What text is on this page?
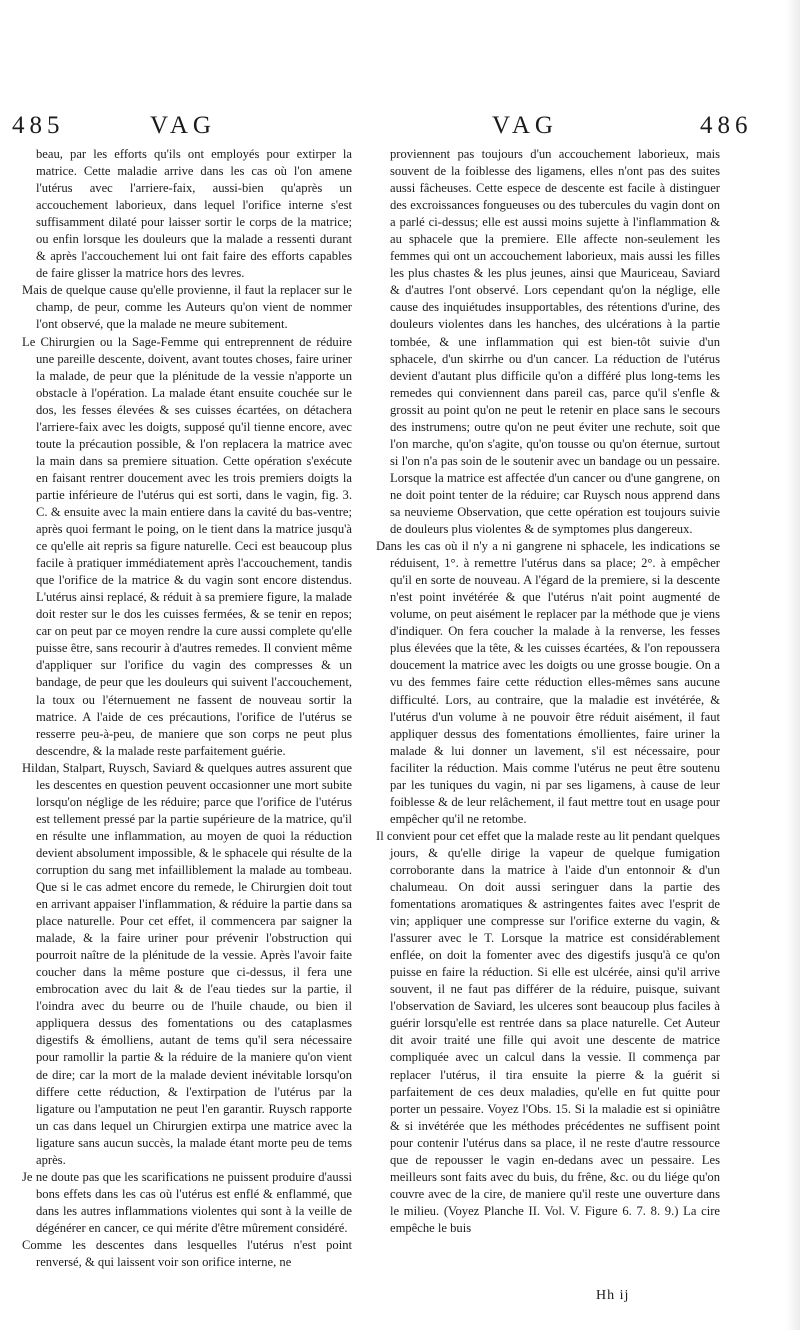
485	VAG	VAG	486

beau, par les efforts qu'ils ont employés pour extirper la matrice. Cette maladie arrive dans les cas où l'on amene l'utérus avec l'arriere-faix, aussi-bien qu'après un accouchement laborieux, dans lequel l'orifice interne s'est suffisamment dilaté pour laisser sortir le corps de la matrice; ou enfin lorsque les douleurs que la malade a ressenti durant & après l'accouchement lui ont fait faire des efforts capables de faire glisser la matrice hors des levres.

Mais de quelque cause qu'elle provienne, il faut la replacer sur le champ, de peur, comme les Auteurs qu'on vient de nommer l'ont observé, que la malade ne meure subitement.

Le Chirurgien ou la Sage-Femme qui entreprennent de réduire une pareille descente, doivent, avant toutes choses, faire uriner la malade, de peur que la plénitude de la vessie n'apporte un obstacle à l'opération. La malade étant ensuite couchée sur le dos, les fesses élevées & ses cuisses écartées, on détachera l'arriere-faix avec les doigts, supposé qu'il tienne encore, avec toute la précaution possible, & l'on replacera la matrice avec la main dans sa premiere situation. Cette opération s'exécute en faisant rentrer doucement avec les trois premiers doigts la partie inférieure de l'utérus qui est sorti, dans le vagin, fig. 3. C. & ensuite avec la main entiere dans la cavité du bas-ventre; après quoi fermant le poing, on le tient dans la matrice jusqu'à ce qu'elle ait repris sa figure naturelle. Ceci est beaucoup plus facile à pratiquer immédiatement après l'accouchement, tandis que l'orifice de la matrice & du vagin sont encore distendus. L'utérus ainsi replacé, & réduit à sa premiere figure, la malade doit rester sur le dos les cuisses fermées, & se tenir en repos; car on peut par ce moyen rendre la cure aussi complete qu'elle puisse être, sans recourir à d'autres remedes. Il convient même d'appliquer sur l'orifice du vagin des compresses & un bandage, de peur que les douleurs qui suivent l'accouchement, la toux ou l'éternuement ne fassent de nouveau sortir la matrice. A l'aide de ces précautions, l'orifice de l'utérus se resserre peu-à-peu, de maniere que son corps ne peut plus descendre, & la malade reste parfaitement guérie.

Hildan, Stalpart, Ruysch, Saviard & quelques autres assurent que les descentes en question peuvent occasionner une mort subite lorsqu'on néglige de les réduire; parce que l'orifice de l'utérus est tellement pressé par la partie supérieure de la matrice, qu'il en résulte une inflammation, au moyen de quoi la réduction devient absolument impossible, & le sphacele qui résulte de la corruption du sang met infailliblement la malade au tombeau. Que si le cas admet encore du remede, le Chirurgien doit tout en arrivant appaiser l'inflammation, & réduire la partie dans sa place naturelle. Pour cet effet, il commencera par saigner la malade, & la faire uriner pour prévenir l'obstruction qui pourroit naître de la plénitude de la vessie. Après l'avoir faite coucher dans la même posture que ci-dessus, il fera une embrocation avec du lait & de l'eau tiedes sur la partie, il l'oindra avec du beurre ou de l'huile chaude, ou bien il appliquera dessus des fomentations ou des cataplasmes digestifs & émolliens, autant de tems qu'il sera nécessaire pour ramollir la partie & la réduire de la maniere qu'on vient de dire; car la mort de la malade devient inévitable lorsqu'on differe cette réduction, & l'extirpation de l'utérus par la ligature ou l'amputation ne peut l'en garantir. Ruysch rapporte un cas dans lequel un Chirurgien extirpa une matrice avec la ligature sans aucun succès, la malade étant morte peu de tems après.

Je ne doute pas que les scarifications ne puissent produire d'aussi bons effets dans les cas où l'utérus est enflé & enflammé, que dans les autres inflammations violentes qui sont à la veille de dégénérer en cancer, ce qui mérite d'être mûrement considéré.

Comme les descentes dans lesquelles l'utérus n'est point renversé, & qui laissent voir son orifice interne, ne

proviennent pas toujours d'un accouchement laborieux, mais souvent de la foiblesse des ligamens, elles n'ont pas des suites aussi fâcheuses. Cette espece de descente est facile à distinguer des excroissances fongueuses ou des tubercules du vagin dont on a parlé ci-dessus; elle est aussi moins sujette à l'inflammation & au sphacele que la premiere. Elle affecte non-seulement les femmes qui ont un accouchement laborieux, mais aussi les filles les plus chastes & les plus jeunes, ainsi que Mauriceau, Saviard & d'autres l'ont observé. Lors cependant qu'on la néglige, elle cause des inquiétudes insupportables, des rétentions d'urine, des douleurs violentes dans les hanches, des ulcérations à la partie tombée, & une inflammation qui est bien-tôt suivie d'un sphacele, d'un skirrhe ou d'un cancer. La réduction de l'utérus devient d'autant plus difficile qu'on a différé plus long-tems les remedes qui conviennent dans pareil cas, parce qu'il s'enfle & grossit au point qu'on ne peut le retenir en place sans le secours des instrumens; outre qu'on ne peut éviter une rechute, soit que l'on marche, qu'on s'agite, qu'on tousse ou qu'on éternue, surtout si l'on n'a pas soin de le soutenir avec un bandage ou un pessaire. Lorsque la matrice est affectée d'un cancer ou d'une gangrene, on ne doit point tenter de la réduire; car Ruysch nous apprend dans sa neuvieme Observation, que cette opération est toujours suivie de douleurs plus violentes & de symptomes plus dangereux.

Dans les cas où il n'y a ni gangrene ni sphacele, les indications se réduisent, 1°. à remettre l'utérus dans sa place; 2°. à empêcher qu'il en sorte de nouveau. A l'égard de la premiere, si la descente n'est point invétérée & que l'utérus n'ait point augmenté de volume, on peut aisément le replacer par la méthode que je viens d'indiquer. On fera coucher la malade à la renverse, les fesses plus élevées que la tête, & les cuisses écartées, & l'on repoussera doucement la matrice avec les doigts ou une grosse bougie. On a vu des femmes faire cette réduction elles-mêmes sans aucune difficulté. Lors, au contraire, que la maladie est invétérée, & l'utérus d'un volume à ne pouvoir être réduit aisément, il faut appliquer dessus des fomentations émollientes, faire uriner la malade & lui donner un lavement, s'il est nécessaire, pour faciliter la réduction. Mais comme l'utérus ne peut être soutenu par les tuniques du vagin, ni par ses ligamens, à cause de leur foiblesse & de leur relâchement, il faut mettre tout en usage pour empêcher qu'il ne retombe.

Il convient pour cet effet que la malade reste au lit pendant quelques jours, & qu'elle dirige la vapeur de quelque fumigation corroborante dans la matrice à l'aide d'un entonnoir & d'un chalumeau. On doit aussi seringuer dans la partie des fomentations aromatiques & astringentes faites avec l'esprit de vin; appliquer une compresse sur l'orifice externe du vagin, & l'assurer avec le T. Lorsque la matrice est considérablement enflée, on doit la fomenter avec des digestifs jusqu'à ce qu'on puisse en faire la réduction. Si elle est ulcérée, ainsi qu'il arrive souvent, il ne faut pas différer de la réduire, puisque, suivant l'observation de Saviard, les ulceres sont beaucoup plus faciles à guérir lorsqu'elle est rentrée dans sa place naturelle. Cet Auteur dit avoir traité une fille qui avoit une descente de matrice compliquée avec un calcul dans la vessie. Il commença par replacer l'utérus, il tira ensuite la pierre & la guérit si parfaitement de ces deux maladies, qu'elle en fut quitte pour porter un pessaire. Voyez l'Obs. 15. Si la maladie est si opiniâtre & si invétérée que les méthodes précédentes ne suffisent point pour contenir l'utérus dans sa place, il ne reste d'autre ressource que de repousser le vagin en-dedans avec un pessaire. Les meilleurs sont faits avec du buis, du frêne, &c. ou du liége qu'on couvre avec de la cire, de maniere qu'il reste une ouverture dans le milieu. (Voyez Planche II. Vol. V. Figure 6. 7. 8. 9.) La cire empêche le buis

Hh ij
